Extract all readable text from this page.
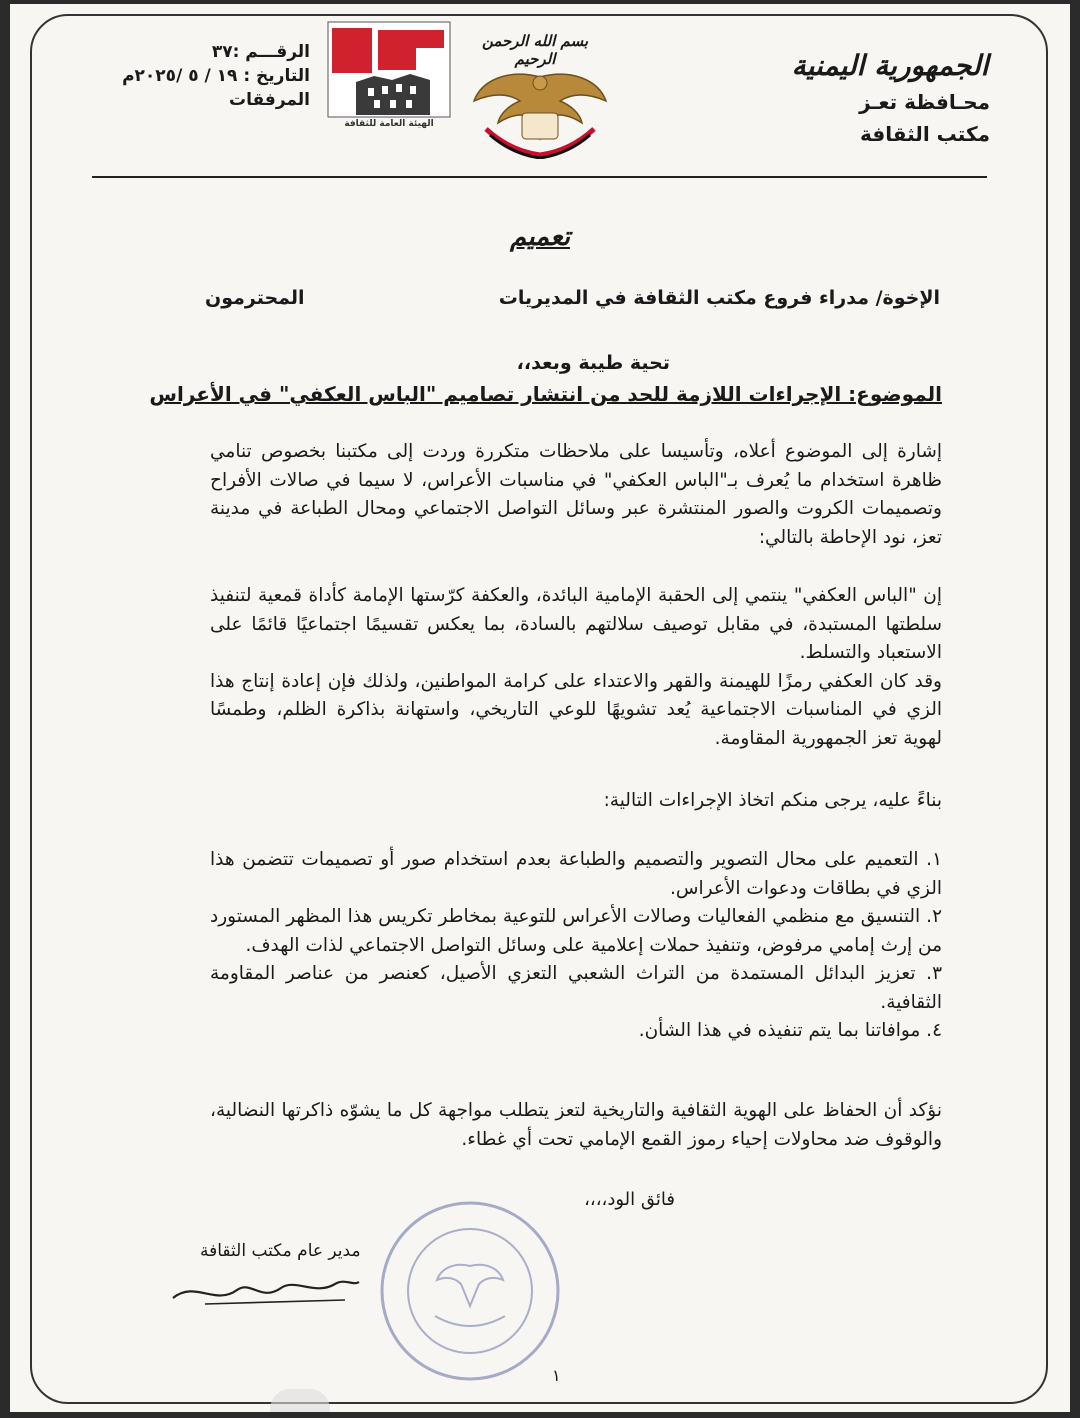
الجمهورية اليمنية
محـافظة تعـز
مكتب الثقافة
بسم الله الرحمن الرحيم
الهيئة العامة للثقافة
الرقـــم :٣٧
التاريخ : ١٩ / ٥ /٢٠٢٥م
المرفقات
تعميم
الإخوة/ مدراء فروع مكتب الثقافة في المديريات
المحترمون
تحية طيبة وبعد،،
الموضوع: الإجراءات اللازمة للحد من انتشار تصاميم "الباس العكفي" في الأعراس
إشارة إلى الموضوع أعلاه، وتأسيسا على ملاحظات متكررة وردت إلى مكتبنا بخصوص تنامي ظاهرة استخدام ما يُعرف بـ"الباس العكفي" في مناسبات الأعراس، لا سيما في صالات الأفراح وتصميمات الكروت والصور المنتشرة عبر وسائل التواصل الاجتماعي ومحال الطباعة في مدينة تعز، نود الإحاطة بالتالي:
إن "الباس العكفي" ينتمي إلى الحقبة الإمامية البائدة، والعكفة كرّستها الإمامة كأداة قمعية لتنفيذ سلطتها المستبدة، في مقابل توصيف سلالتهم بالسادة، بما يعكس تقسيمًا اجتماعيًا قائمًا على الاستعباد والتسلط.
وقد كان العكفي رمزًا للهيمنة والقهر والاعتداء على كرامة المواطنين، ولذلك فإن إعادة إنتاج هذا الزي في المناسبات الاجتماعية يُعد تشويهًا للوعي التاريخي، واستهانة بذاكرة الظلم، وطمسًا لهوية تعز الجمهورية المقاومة.
بناءً عليه، يرجى منكم اتخاذ الإجراءات التالية:
١. التعميم على محال التصوير والتصميم والطباعة بعدم استخدام صور أو تصميمات تتضمن هذا الزي في بطاقات ودعوات الأعراس.
٢. التنسيق مع منظمي الفعاليات وصالات الأعراس للتوعية بمخاطر تكريس هذا المظهر المستورد من إرث إمامي مرفوض، وتنفيذ حملات إعلامية على وسائل التواصل الاجتماعي لذات الهدف.
٣. تعزيز البدائل المستمدة من التراث الشعبي التعزي الأصيل، كعنصر من عناصر المقاومة الثقافية.
٤. موافاتنا بما يتم تنفيذه في هذا الشأن.
نؤكد أن الحفاظ على الهوية الثقافية والتاريخية لتعز يتطلب مواجهة كل ما يشوّه ذاكرتها النضالية، والوقوف ضد محاولات إحياء رموز القمع الإمامي تحت أي غطاء.
فائق الود،،،،
مدير عام مكتب الثقافة
١
